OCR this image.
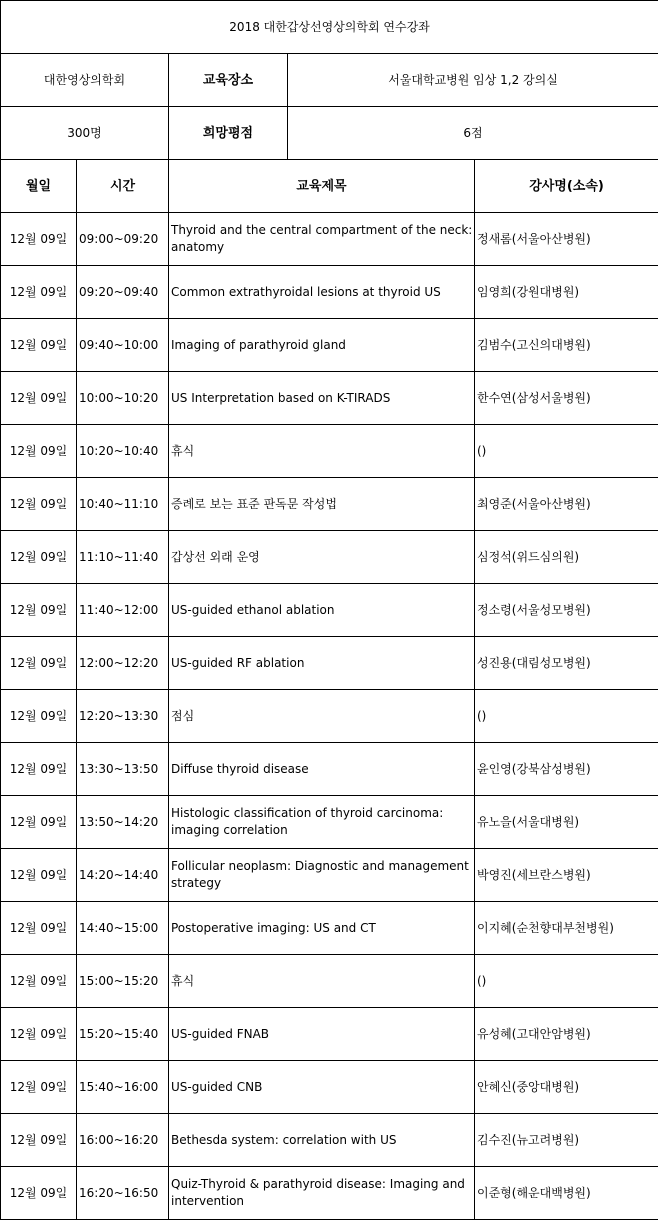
2018 대한갑상선영상의학회 연수강좌				
대한영상의학회		교육장소	서울대학교병원 임상 1,2 강의실	
300명		희망평점	6점	
월일	시간	교육제목		강사명(소속)
12월 09일	09:00~09:20	Thyroid and the central compartment of the neck: anatomy		정새롬(서울아산병원)
12월 09일	09:20~09:40	Common extrathyroidal lesions at thyroid US		임영희(강원대병원)
12월 09일	09:40~10:00	Imaging of parathyroid gland		김범수(고신의대병원)
12월 09일	10:00~10:20	US Interpretation based on K-TIRADS		한수연(삼성서울병원)
12월 09일	10:20~10:40	휴식		()
12월 09일	10:40~11:10	증례로 보는 표준 판독문 작성법		최영준(서울아산병원)
12월 09일	11:10~11:40	갑상선 외래 운영		심정석(위드심의원)
12월 09일	11:40~12:00	US-guided ethanol ablation		정소령(서울성모병원)
12월 09일	12:00~12:20	US-guided RF ablation		성진용(대림성모병원)
12월 09일	12:20~13:30	점심		()
12월 09일	13:30~13:50	Diffuse thyroid disease		윤인영(강북삼성병원)
12월 09일	13:50~14:20	Histologic classification of thyroid carcinoma: imaging correlation		유노을(서울대병원)
12월 09일	14:20~14:40	Follicular neoplasm: Diagnostic and management strategy		박영진(세브란스병원)
12월 09일	14:40~15:00	Postoperative imaging: US and CT		이지혜(순천향대부천병원)
12월 09일	15:00~15:20	휴식		()
12월 09일	15:20~15:40	US-guided FNAB		유성혜(고대안암병원)
12월 09일	15:40~16:00	US-guided CNB		안혜신(중앙대병원)
12월 09일	16:00~16:20	Bethesda system: correlation with US		김수진(뉴고려병원)
12월 09일	16:20~16:50	Quiz-Thyroid & parathyroid disease: Imaging and intervention		이준형(해운대백병원)
